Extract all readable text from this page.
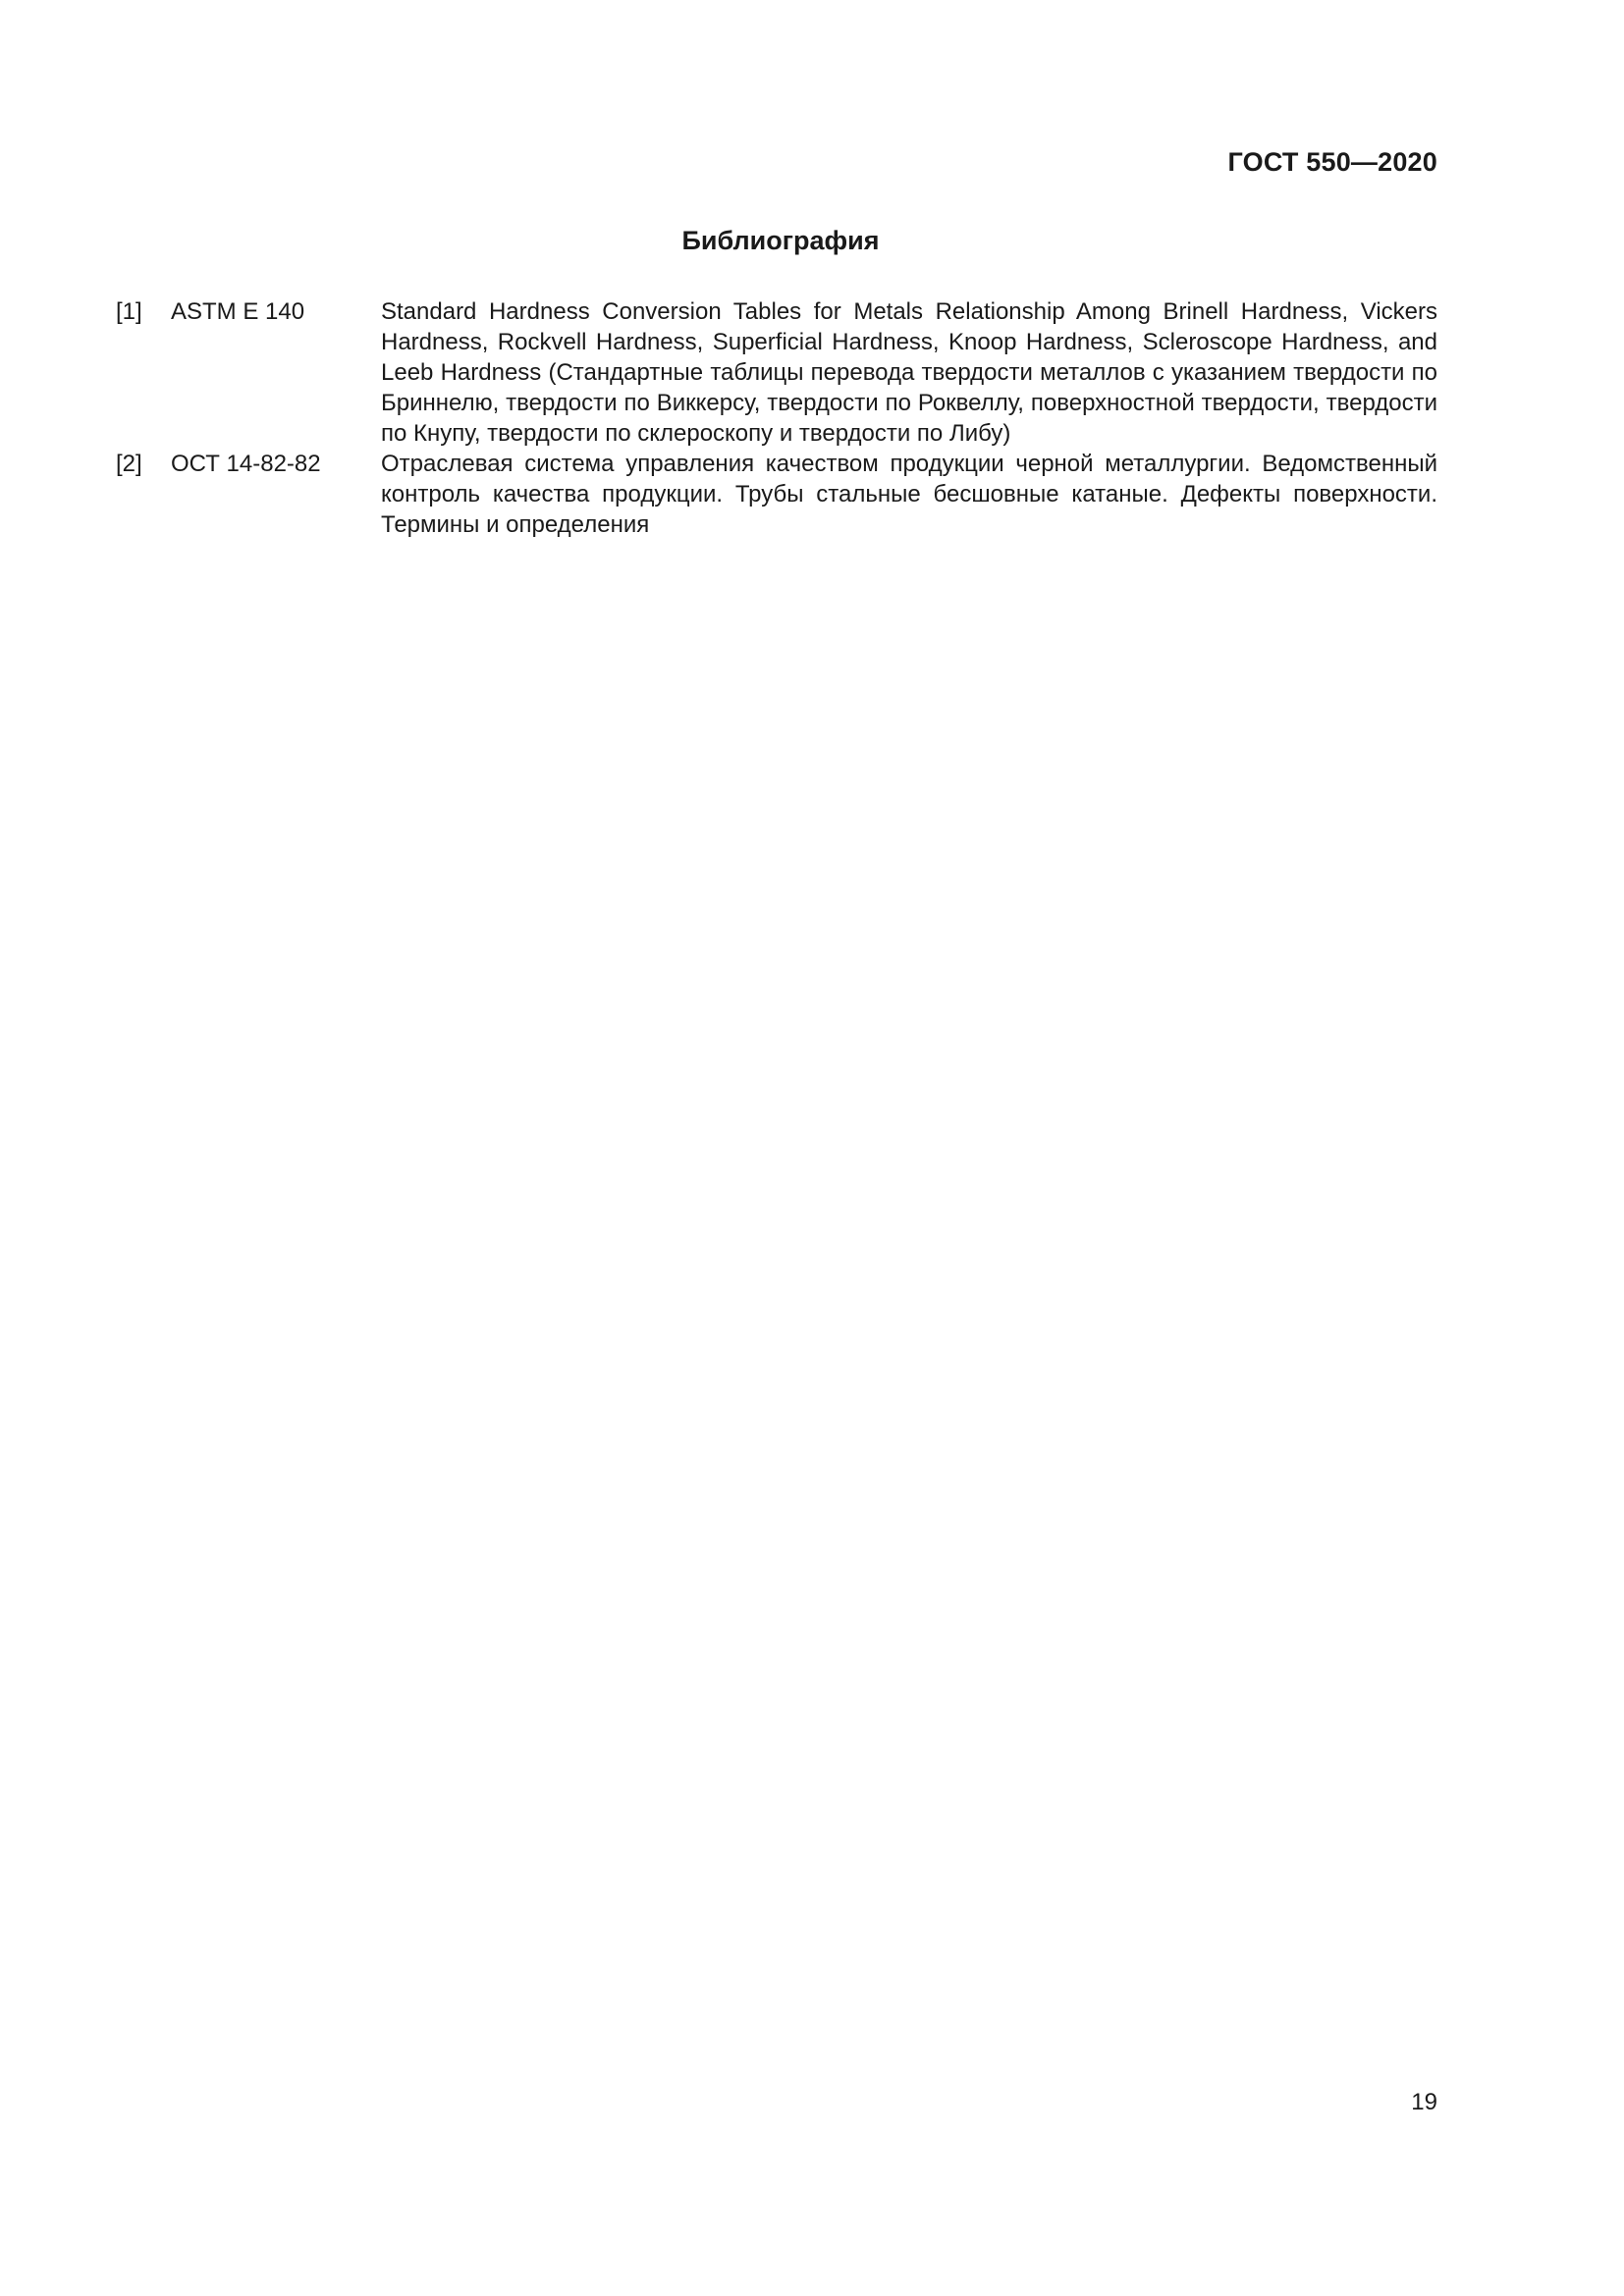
ГОСТ 550—2020
Библиография
[1]	ASTM E 140	Standard Hardness Conversion Tables for Metals Relationship Among Brinell Hardness, Vickers Hardness, Rockvell Hardness, Superficial Hardness, Knoop Hardness, Scleroscope Hardness, and Leeb Hardness (Стандартные таблицы перевода твердости металлов с указанием твердости по Бриннелю, твердости по Виккерсу, твердости по Роквеллу, поверхностной твердости, твердости по Кнупу, твердости по склероскопу и твердости по Либу)
[2]	ОСТ 14-82-82	Отраслевая система управления качеством продукции черной металлургии. Ведомственный контроль качества продукции. Трубы стальные бесшовные катаные. Дефекты поверхности. Термины и определения
19
